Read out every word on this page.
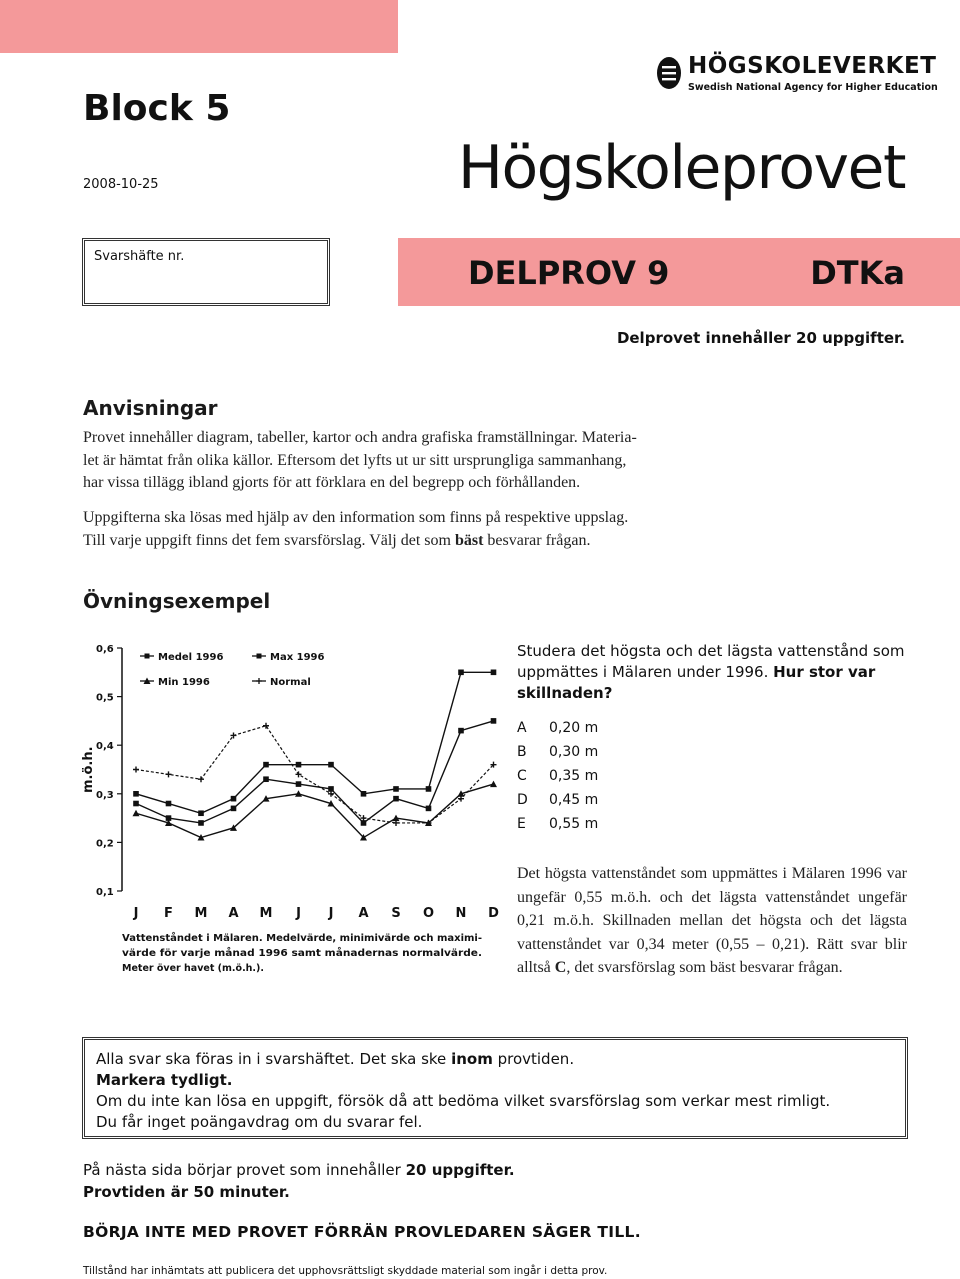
HÖGSKOLEVERKET
Swedish National Agency for Higher Education
Block 5
2008-10-25	Högskoleprovet
Svarshäfte nr.	DELPROV 9	DTKa
Delprovet innehåller 20 uppgifter.
Anvisningar

Provet innehåller diagram, tabeller, kartor och andra grafiska framställningar. Materia-
let är hämtat från olika källor. Eftersom det lyfts ut ur sitt ursprungliga sammanhang,
har vissa tillägg ibland gjorts för att förklara en del begrepp och förhållanden.

Uppgifterna ska lösas med hjälp av den information som finns på respektive uppslag.
Till varje uppgift finns det fem svarsförslag. Välj det som bäst besvarar frågan.

Övningsexempel
0,6
0,5
0,4
0,3
0,2
0,1
m.ö.h.
J F M A M J J A S O N D
Medel 1996	Max 1996
Min 1996	Normal
Vattenståndet i Mälaren. Medelvärde, minimivärde och maximi-
värde för varje månad 1996 samt månadernas normalvärde.
Meter över havet (m.ö.h.).

Studera det högsta och det lägsta vattenstånd som uppmättes i Mälaren under 1996. Hur stor var skillnaden?

A 0,20 m
B 0,30 m
C 0,35 m
D 0,45 m
E 0,55 m

Det högsta vattenståndet som uppmättes i Mälaren 1996 var ungefär 0,55 m.ö.h. och det lägsta vattenståndet ungefär 0,21 m.ö.h. Skillnaden mellan det högsta och det lägsta vattenståndet var 0,34 meter (0,55 – 0,21). Rätt svar blir alltså C, det svarsförslag som bäst besvarar frågan.

Alla svar ska föras in i svarshäftet. Det ska ske inom provtiden.

Markera tydligt.

Om du inte kan lösa en uppgift, försök då att bedöma vilket svarsförslag som verkar mest rimligt.

Du får inget poängavdrag om du svarar fel.

På nästa sida börjar provet som innehåller 20 uppgifter.

Provtiden är 50 minuter.

BÖRJA INTE MED PROVET FÖRRÄN PROVLEDAREN SÄGER TILL.

Tillstånd har inhämtats att publicera det upphovsrättsligt skyddade material som ingår i detta prov.
